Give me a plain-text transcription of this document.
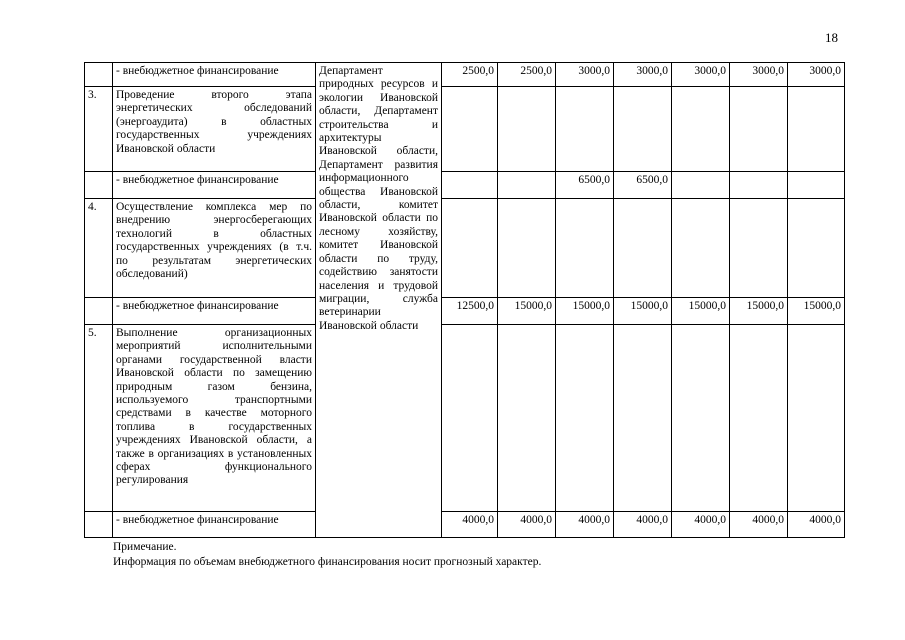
18
	- внебюджетное финансирование	Департамент природных ресурсов и экологии Ивановской области, Департамент строительства и архитектуры Ивановской области, Департамент развития информационного общества Ивановской области, комитет Ивановской области по лесному хозяйству, комитет Ивановской области по труду, содействию занятости населения и трудовой миграции, служба ветеринарии Ивановской области	2500,0	2500,0	3000,0	3000,0	3000,0	3000,0	3000,0
3.	Проведение второго этапа энергетических обследований (энергоаудита) в областных государственных учреждениях Ивановской области								
	- внебюджетное финансирование				6500,0	6500,0			
4.	Осуществление комплекса мер по внедрению энергосберегающих технологий в областных государственных учреждениях (в т.ч. по результатам энергетических обследований)								
	- внебюджетное финансирование		12500,0	15000,0	15000,0	15000,0	15000,0	15000,0	15000,0
5.	Выполнение организационных мероприятий исполнительными органами государственной власти Ивановской области по замещению природным газом бензина, используемого транспортными средствами в качестве моторного топлива в государственных учреждениях Ивановской области, а также в организациях в установленных сферах функционального регулирования								
	- внебюджетное финансирование		4000,0	4000,0	4000,0	4000,0	4000,0	4000,0	4000,0
Примечание.
Информация по объемам внебюджетного финансирования носит прогнозный характер.
